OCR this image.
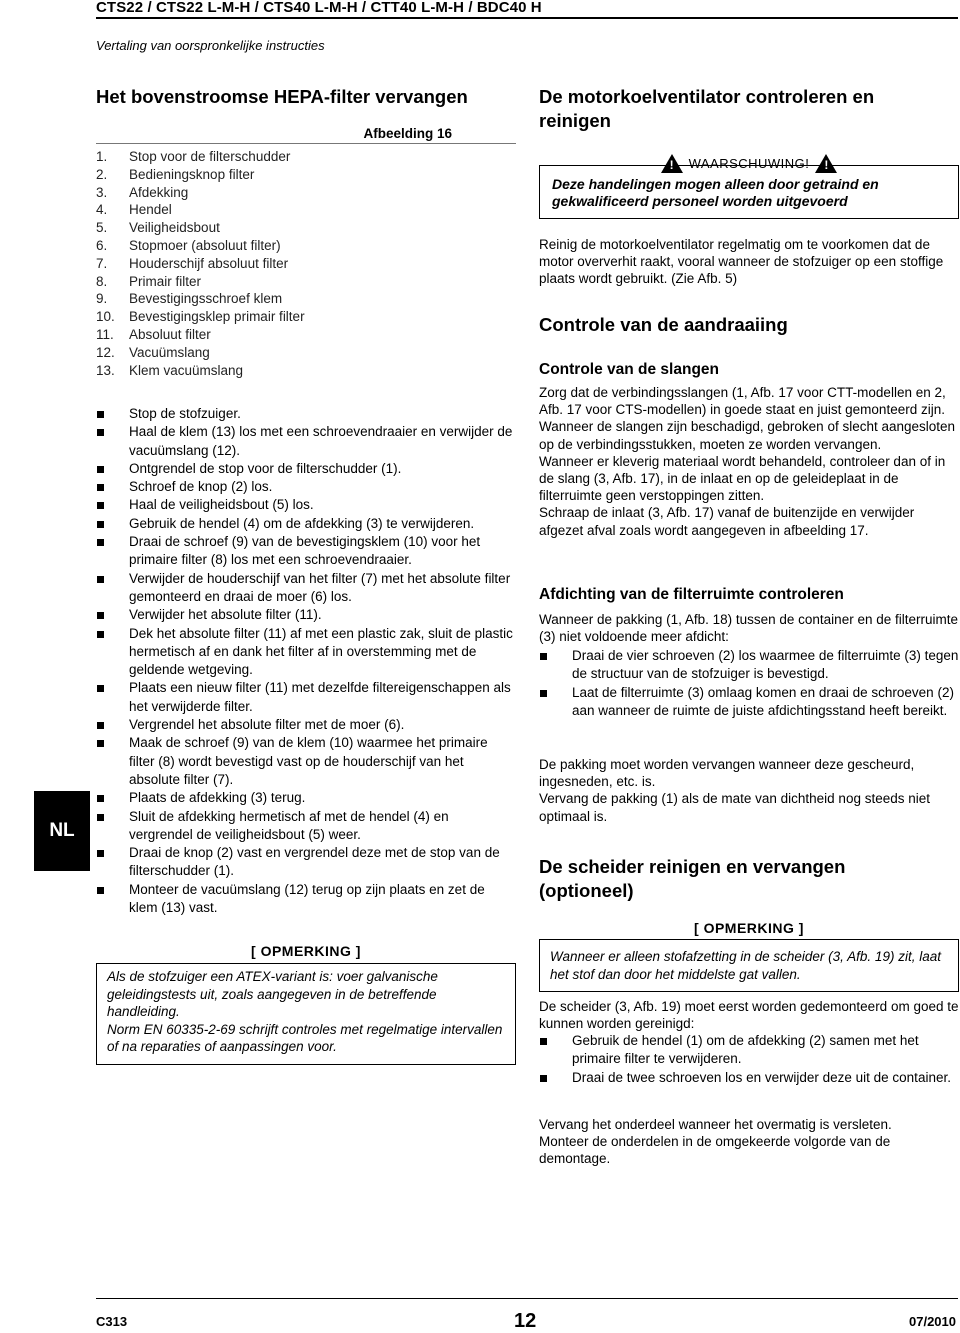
CTS22 / CTS22 L-M-H / CTS40 L-M-H / CTT40 L-M-H / BDC40 H
Vertaling van oorspronkelijke instructies
Het bovenstroomse HEPA-filter vervangen
Afbeelding 16
1.	Stop voor de filterschudder
2.	Bedieningsknop filter
3.	Afdekking
4.	Hendel
5.	Veiligheidsbout
6.	Stopmoer (absoluut filter)
7.	Houderschijf absoluut filter
8.	Primair filter
9.	Bevestigingsschroef klem
10.	Bevestigingsklep primair filter
11.	Absoluut filter
12.	Vacuümslang
13.	Klem vacuümslang
Stop de stofzuiger.
Haal de klem (13) los met een schroevendraaier en verwijder de vacuümslang (12).
Ontgrendel de stop voor de filterschudder (1).
Schroef de knop (2) los.
Haal de veiligheidsbout (5) los.
Gebruik de hendel (4) om de afdekking (3) te verwijderen.
Draai de schroef (9) van de bevestigingsklem (10) voor het primaire filter (8) los met een schroevendraaier.
Verwijder de houderschijf van het filter (7) met het absolute filter gemonteerd en draai de moer (6) los.
Verwijder het absolute filter (11).
Dek het absolute filter (11) af met een plastic zak, sluit de plastic hermetisch af en dank het filter af in overstemming met de geldende wetgeving.
Plaats een nieuw filter (11) met dezelfde filtereigenschappen als het verwijderde filter.
Vergrendel het absolute filter met de moer (6).
Maak de schroef (9) van de klem (10) waarmee het primaire filter (8) wordt bevestigd vast op de houderschijf van het absolute filter (7).
Plaats de afdekking (3) terug.
Sluit de afdekking hermetisch af met de hendel (4) en vergrendel de veiligheidsbout (5) weer.
Draai de knop (2) vast en vergrendel deze met de stop van de filterschudder (1).
Monteer de vacuümslang (12) terug op zijn plaats en zet de klem (13) vast.
[ OPMERKING ]
Als de stofzuiger een ATEX-variant is: voer galvanische geleidingstests uit, zoals aangegeven in de betreffende handleiding.
Norm EN 60335-2-69 schrijft controles met regelmatige intervallen of na reparaties of aanpassingen voor.
De motorkoelventilator controleren en reinigen
! WAARSCHUWING! !
Deze handelingen mogen alleen door getraind en gekwalificeerd personeel worden uitgevoerd

Reinig de motorkoelventilator regelmatig om te voorkomen dat de motor oververhit raakt, vooral wanneer de stofzuiger op een stoffige plaats wordt gebruikt. (Zie Afb. 5)

Controle van de aandraaiing
Controle van de slangen

Zorg dat de verbindingsslangen (1, Afb. 17 voor CTT-modellen en 2, Afb. 17 voor CTS-modellen) in goede staat en juist gemonteerd zijn.

Wanneer de slangen zijn beschadigd, gebroken of slecht aangesloten op de verbindingsstukken, moeten ze worden vervangen.

Wanneer er kleverig materiaal wordt behandeld, controleer dan of in de slang (3, Afb. 17), in de inlaat en op de geleideplaat in de filterruimte geen verstoppingen zitten.

Schraap de inlaat (3, Afb. 17) vanaf de buitenzijde en verwijder afgezet afval zoals wordt aangegeven in afbeelding 17.

Afdichting van de filterruimte controleren

Wanneer de pakking (1, Afb. 18) tussen de container en de filterruimte (3) niet voldoende meer afdicht:

Draai de vier schroeven (2) los waarmee de filterruimte (3) tegen de structuur van de stofzuiger is bevestigd.
Laat de filterruimte (3) omlaag komen en draai de schroeven (2) aan wanneer de ruimte de juiste afdichtingsstand heeft bereikt.

De pakking moet worden vervangen wanneer deze gescheurd, ingesneden, etc. is.

Vervang de pakking (1) als de mate van dichtheid nog steeds niet optimaal is.

De scheider reinigen en vervangen (optioneel)
[ OPMERKING ]
Wanneer er alleen stofafzetting in de scheider (3, Afb. 19) zit, laat het stof dan door het middelste gat vallen.

De scheider (3, Afb. 19) moet eerst worden gedemonteerd om goed te kunnen worden gereinigd:

Gebruik de hendel (1) om de afdekking (2) samen met het primaire filter te verwijderen.
Draai de twee schroeven los en verwijder deze uit de container.

Vervang het onderdeel wanneer het overmatig is versleten.

Monteer de onderdelen in de omgekeerde volgorde van de demontage.

NL
C313	12	07/2010
